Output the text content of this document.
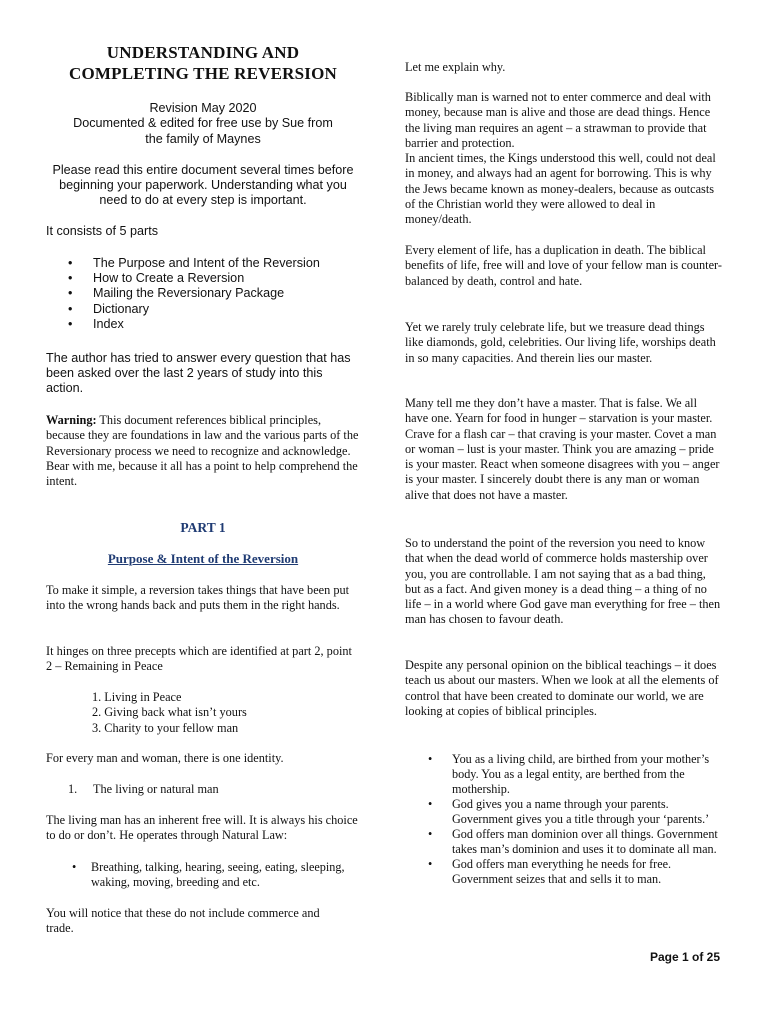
UNDERSTANDING AND
COMPLETING THE REVERSION
Revision May 2020
Documented & edited for free use by Sue from
the family of Maynes
Please read this entire document several times before beginning your paperwork. Understanding what you need to do at every step is important.
It consists of 5 parts
• The Purpose and Intent of the Reversion
• How to Create a Reversion
• Mailing the Reversionary Package
• Dictionary
• Index
The author has tried to answer every question that has been asked over the last 2 years of study into this action.

Warning: This document references biblical principles, because they are foundations in law and the various parts of the Reversionary process we need to recognize and acknowledge. Bear with me, because it all has a point to help comprehend the intent.

PART 1
Purpose & Intent of the Reversion

To make it simple, a reversion takes things that have been put into the wrong hands back and puts them in the right hands.

It hinges on three precepts which are identified at part 2, point 2 – Remaining in Peace

1. Living in Peace
2. Giving back what isn’t yours
3. Charity to your fellow man

For every man and woman, there is one identity.

1. The living or natural man

The living man has an inherent free will. It is always his choice to do or don’t. He operates through Natural Law:

• Breathing, talking, hearing, seeing, eating, sleeping, waking, moving, breeding and etc.

You will notice that these do not include commerce and trade.

Let me explain why.

Biblically man is warned not to enter commerce and deal with money, because man is alive and those are dead things. Hence the living man requires an agent – a strawman to provide that barrier and protection.

In ancient times, the Kings understood this well, could not deal in money, and always had an agent for borrowing. This is why the Jews became known as money-dealers, because as outcasts of the Christian world they were allowed to deal in money/death.

Every element of life, has a duplication in death. The biblical benefits of life, free will and love of your fellow man is counter-balanced by death, control and hate.

Yet we rarely truly celebrate life, but we treasure dead things like diamonds, gold, celebrities. Our living life, worships death in so many capacities. And therein lies our master.

Many tell me they don’t have a master. That is false. We all have one. Yearn for food in hunger – starvation is your master. Crave for a flash car – that craving is your master. Covet a man or woman – lust is your master. Think you are amazing – pride is your master. React when someone disagrees with you – anger is your master. I sincerely doubt there is any man or woman alive that does not have a master.

So to understand the point of the reversion you need to know that when the dead world of commerce holds mastership over you, you are controllable. I am not saying that as a bad thing, but as a fact. And given money is a dead thing – a thing of no life – in a world where God gave man everything for free – then man has chosen to favour death.

Despite any personal opinion on the biblical teachings – it does teach us about our masters. When we look at all the elements of control that have been created to dominate our world, we are looking at copies of biblical principles.

• You as a living child, are birthed from your mother’s body. You as a legal entity, are berthed from the mothership.
• God gives you a name through your parents. Government gives you a title through your ‘parents.’
• God offers man dominion over all things. Government takes man’s dominion and uses it to dominate all man.
• God offers man everything he needs for free. Government seizes that and sells it to man.
Page 1 of 25
